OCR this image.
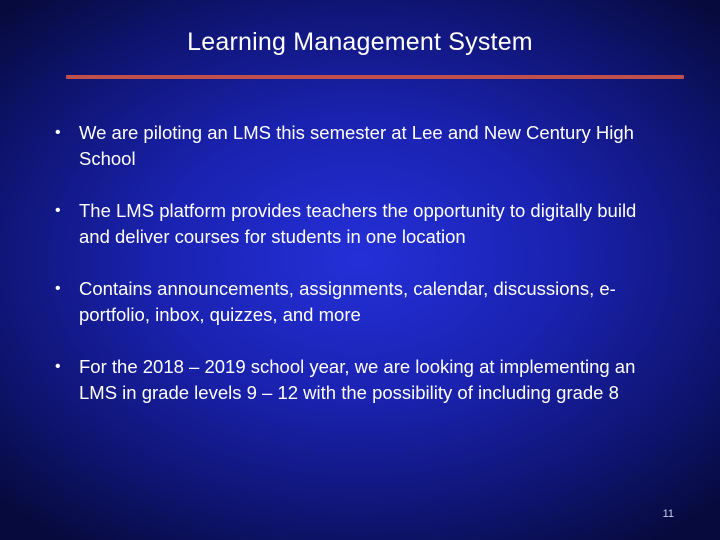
Learning Management System
• We are piloting an LMS this semester at Lee and New Century High School
• The LMS platform provides teachers the opportunity to digitally build and deliver courses for students in one location
• Contains announcements, assignments, calendar, discussions, e-portfolio, inbox, quizzes, and more
• For the 2018 – 2019 school year, we are looking at implementing an LMS in grade levels 9 – 12 with the possibility of including grade 8
11
